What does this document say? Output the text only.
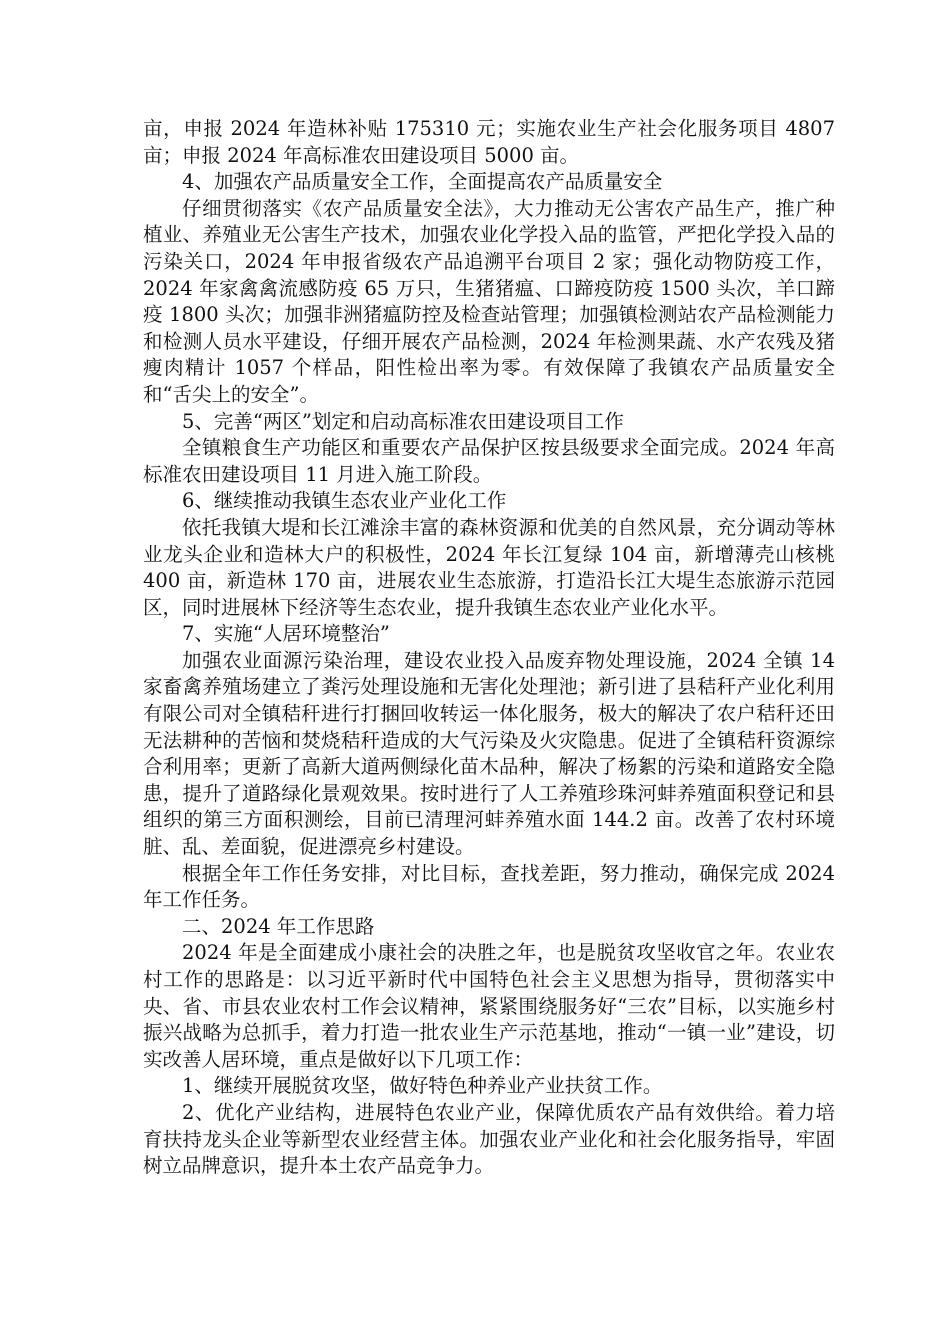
亩，申报 2024 年造林补贴 175310 元；实施农业生产社会化服务项目 4807 亩；申报 2024 年高标准农田建设项目 5000 亩。

4、加强农产品质量安全工作，全面提高农产品质量安全

仔细贯彻落实《农产品质量安全法》，大力推动无公害农产品生产，推广种植业、养殖业无公害生产技术，加强农业化学投入品的监管，严把化学投入品的污染关口，2024 年申报省级农产品追溯平台项目 2 家；强化动物防疫工作，2024 年家禽禽流感防疫 65 万只，生猪猪瘟、口蹄疫防疫 1500 头次，羊口蹄疫 1800 头次；加强非洲猪瘟防控及检查站管理；加强镇检测站农产品检测能力和检测人员水平建设，仔细开展农产品检测，2024 年检测果蔬、水产农残及猪瘦肉精计 1057 个样品，阳性检出率为零。有效保障了我镇农产品质量安全和“舌尖上的安全”。

5、完善“两区”划定和启动高标准农田建设项目工作

全镇粮食生产功能区和重要农产品保护区按县级要求全面完成。2024 年高标准农田建设项目 11 月进入施工阶段。

6、继续推动我镇生态农业产业化工作

依托我镇大堤和长江滩涂丰富的森林资源和优美的自然风景，充分调动等林业龙头企业和造林大户的积极性，2024 年长江复绿 104 亩，新增薄壳山核桃 400 亩，新造林 170 亩，进展农业生态旅游，打造沿长江大堤生态旅游示范园区，同时进展林下经济等生态农业，提升我镇生态农业产业化水平。

7、实施“人居环境整治”

加强农业面源污染治理，建设农业投入品废弃物处理设施，2024 全镇 14 家畜禽养殖场建立了粪污处理设施和无害化处理池；新引进了县秸秆产业化利用有限公司对全镇秸秆进行打捆回收转运一体化服务，极大的解决了农户秸秆还田无法耕种的苦恼和焚烧秸秆造成的大气污染及火灾隐患。促进了全镇秸秆资源综合利用率；更新了高新大道两侧绿化苗木品种，解决了杨絮的污染和道路安全隐患，提升了道路绿化景观效果。按时进行了人工养殖珍珠河蚌养殖面积登记和县组织的第三方面积测绘，目前已清理河蚌养殖水面 144.2 亩。改善了农村环境脏、乱、差面貌，促进漂亮乡村建设。

根据全年工作任务安排，对比目标，查找差距，努力推动，确保完成 2024 年工作任务。

二、2024 年工作思路

2024 年是全面建成小康社会的决胜之年，也是脱贫攻坚收官之年。农业农村工作的思路是：以习近平新时代中国特色社会主义思想为指导，贯彻落实中央、省、市县农业农村工作会议精神，紧紧围绕服务好“三农”目标，以实施乡村振兴战略为总抓手，着力打造一批农业生产示范基地，推动“一镇一业”建设，切实改善人居环境，重点是做好以下几项工作：

1、继续开展脱贫攻坚，做好特色种养业产业扶贫工作。

2、优化产业结构，进展特色农业产业，保障优质农产品有效供给。着力培育扶持龙头企业等新型农业经营主体。加强农业产业化和社会化服务指导，牢固树立品牌意识，提升本土农产品竞争力。
